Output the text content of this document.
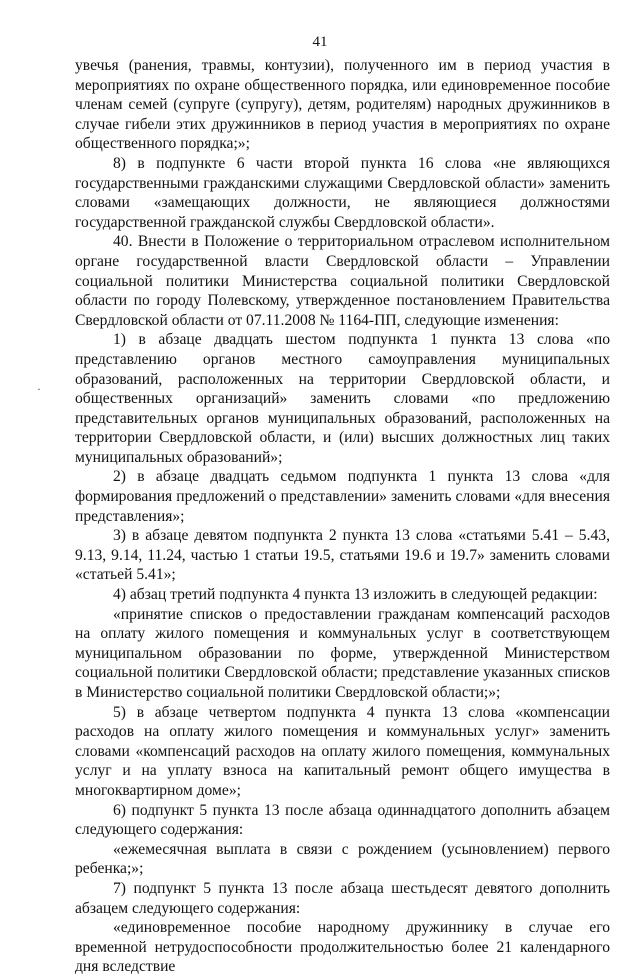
41
·

увечья (ранения, травмы, контузии), полученного им в период участия в мероприятиях по охране общественного порядка, или единовременное пособие членам семей (супруге (супругу), детям, родителям) народных дружинников в случае гибели этих дружинников в период участия в мероприятиях по охране общественного порядка;»;

8) в подпункте 6 части второй пункта 16 слова «не являющихся государственными гражданскими служащими Свердловской области» заменить словами «замещающих должности, не являющиеся должностями государственной гражданской службы Свердловской области».

40. Внести в Положение о территориальном отраслевом исполнительном органе государственной власти Свердловской области – Управлении социальной политики Министерства социальной политики Свердловской области по городу Полевскому, утвержденное постановлением Правительства Свердловской области от 07.11.2008 № 1164-ПП, следующие изменения:

1) в абзаце двадцать шестом подпункта 1 пункта 13 слова «по представлению органов местного самоуправления муниципальных образований, расположенных на территории Свердловской области, и общественных организаций» заменить словами «по предложению представительных органов муниципальных образований, расположенных на территории Свердловской области, и (или) высших должностных лиц таких муниципальных образований»;

2) в абзаце двадцать седьмом подпункта 1 пункта 13 слова «для формирования предложений о представлении» заменить словами «для внесения представления»;

3) в абзаце девятом подпункта 2 пункта 13 слова «статьями 5.41 – 5.43, 9.13, 9.14, 11.24, частью 1 статьи 19.5, статьями 19.6 и 19.7» заменить словами «статьей 5.41»;

4) абзац третий подпункта 4 пункта 13 изложить в следующей редакции:

«принятие списков о предоставлении гражданам компенсаций расходов на оплату жилого помещения и коммунальных услуг в соответствующем муниципальном образовании по форме, утвержденной Министерством социальной политики Свердловской области; представление указанных списков в Министерство социальной политики Свердловской области;»;

5) в абзаце четвертом подпункта 4 пункта 13 слова «компенсации расходов на оплату жилого помещения и коммунальных услуг» заменить словами «компенсаций расходов на оплату жилого помещения, коммунальных услуг и на уплату взноса на капитальный ремонт общего имущества в многоквартирном доме»;

6) подпункт 5 пункта 13 после абзаца одиннадцатого дополнить абзацем следующего содержания:

«ежемесячная выплата в связи с рождением (усыновлением) первого ребенка;»;

7) подпункт 5 пункта 13 после абзаца шестьдесят девятого дополнить абзацем следующего содержания:

«единовременное пособие народному дружиннику в случае его временной нетрудоспособности продолжительностью более 21 календарного дня вследствие
